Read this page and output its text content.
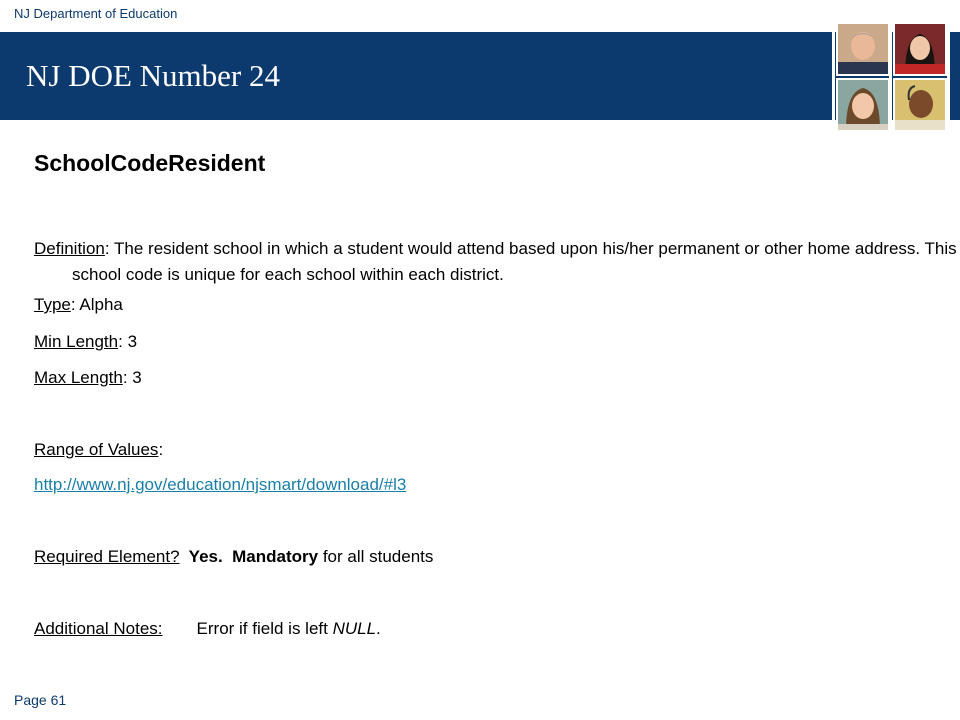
NJ Department of Education
NJ DOE Number 24
SchoolCodeResident
Definition: The resident school in which a student would attend based upon his/her permanent or other home address. This school code is unique for each school within each district.
Type: Alpha
Min Length: 3
Max Length: 3
Range of Values:
http://www.nj.gov/education/njsmart/download/#l3
Required Element?  Yes.  Mandatory for all students
Additional Notes: Error if field is left NULL.
Page 61
